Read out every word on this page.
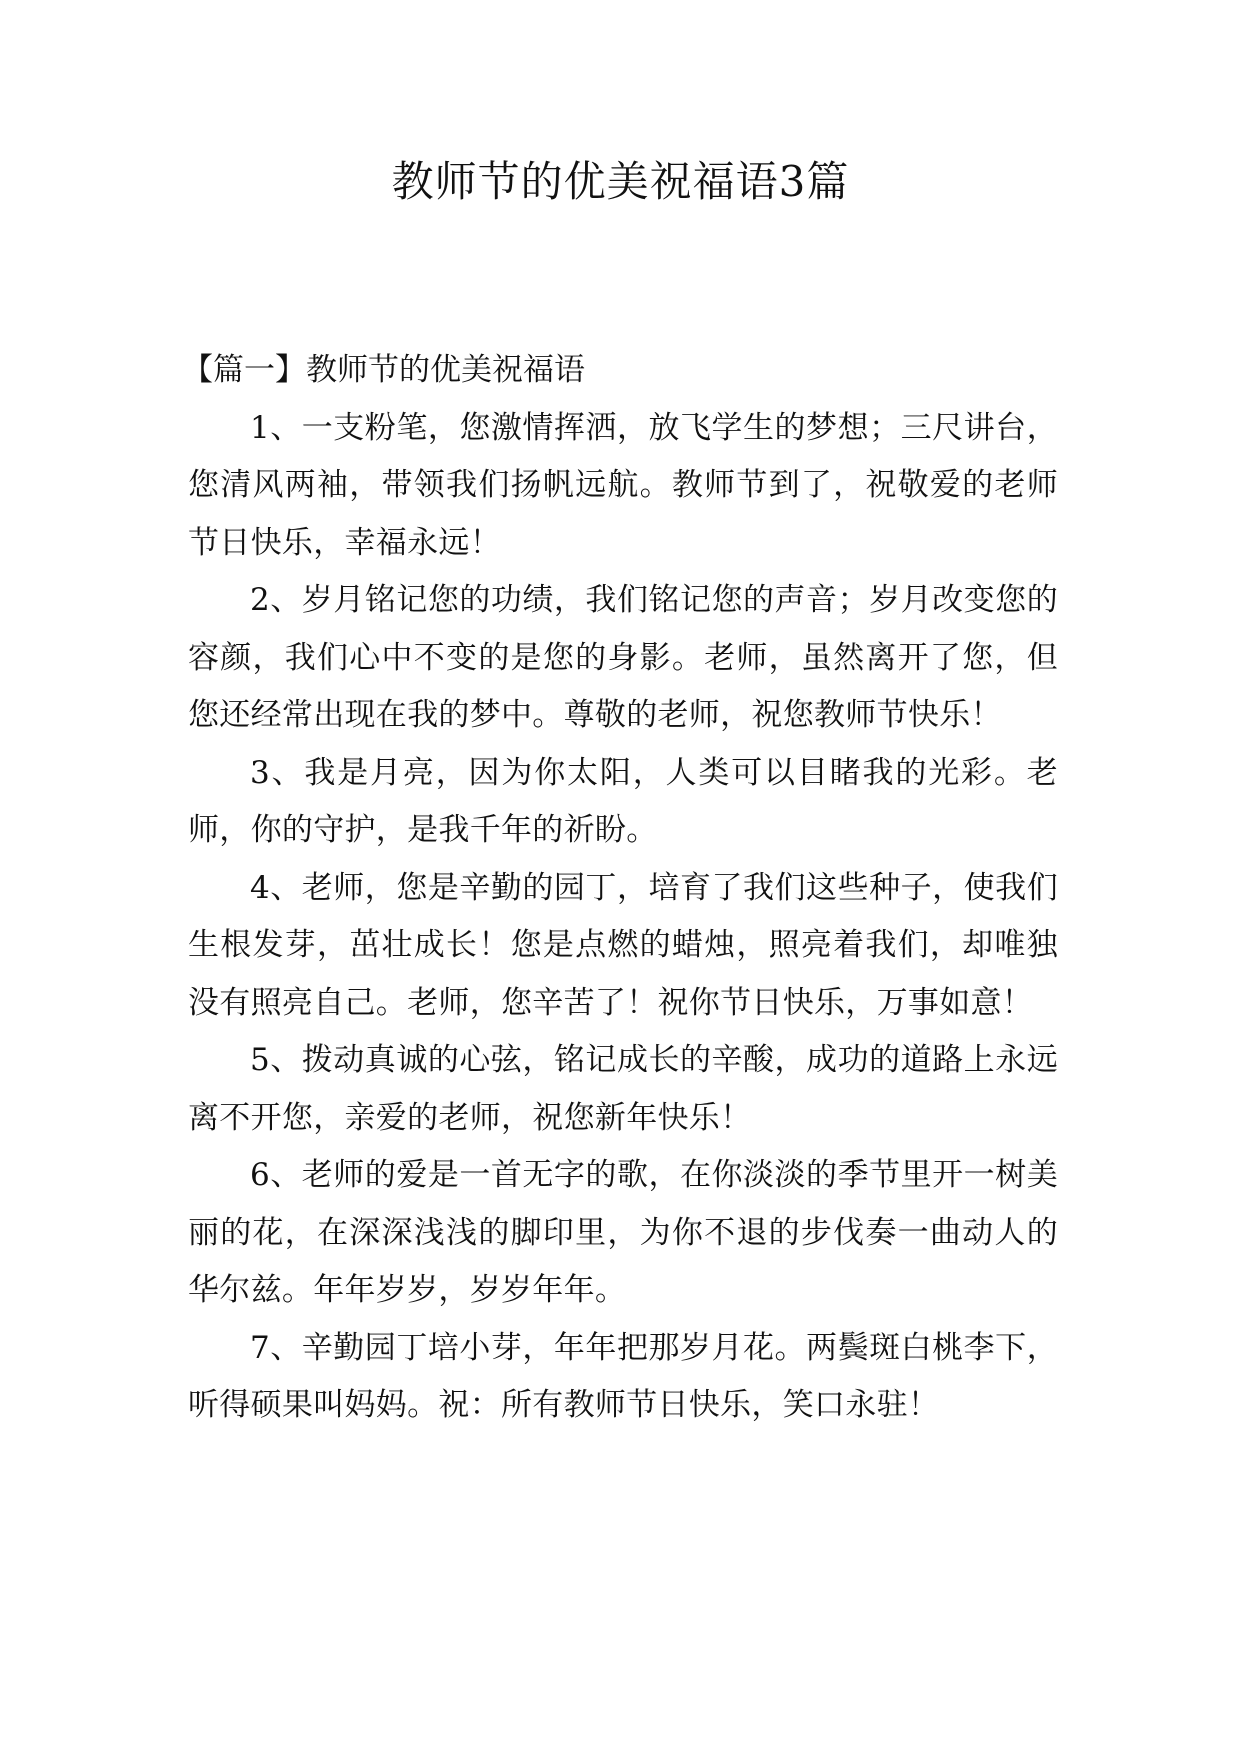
教师节的优美祝福语3篇
【篇一】教师节的优美祝福语

1、一支粉笔，您激情挥洒，放飞学生的梦想；三尺讲台，您清风两袖，带领我们扬帆远航。教师节到了，祝敬爱的老师节日快乐，幸福永远！

2、岁月铭记您的功绩，我们铭记您的声音；岁月改变您的容颜，我们心中不变的是您的身影。老师，虽然离开了您，但您还经常出现在我的梦中。尊敬的老师，祝您教师节快乐！

3、我是月亮，因为你太阳，人类可以目睹我的光彩。老师，你的守护，是我千年的祈盼。

4、老师，您是辛勤的园丁，培育了我们这些种子，使我们生根发芽，茁壮成长！您是点燃的蜡烛，照亮着我们，却唯独没有照亮自己。老师，您辛苦了！祝你节日快乐，万事如意！

5、拨动真诚的心弦，铭记成长的辛酸，成功的道路上永远离不开您，亲爱的老师，祝您新年快乐！

6、老师的爱是一首无字的歌，在你淡淡的季节里开一树美丽的花，在深深浅浅的脚印里，为你不退的步伐奏一曲动人的华尔兹。年年岁岁，岁岁年年。

7、辛勤园丁培小芽，年年把那岁月花。两鬓斑白桃李下，听得硕果叫妈妈。祝：所有教师节日快乐，笑口永驻！
